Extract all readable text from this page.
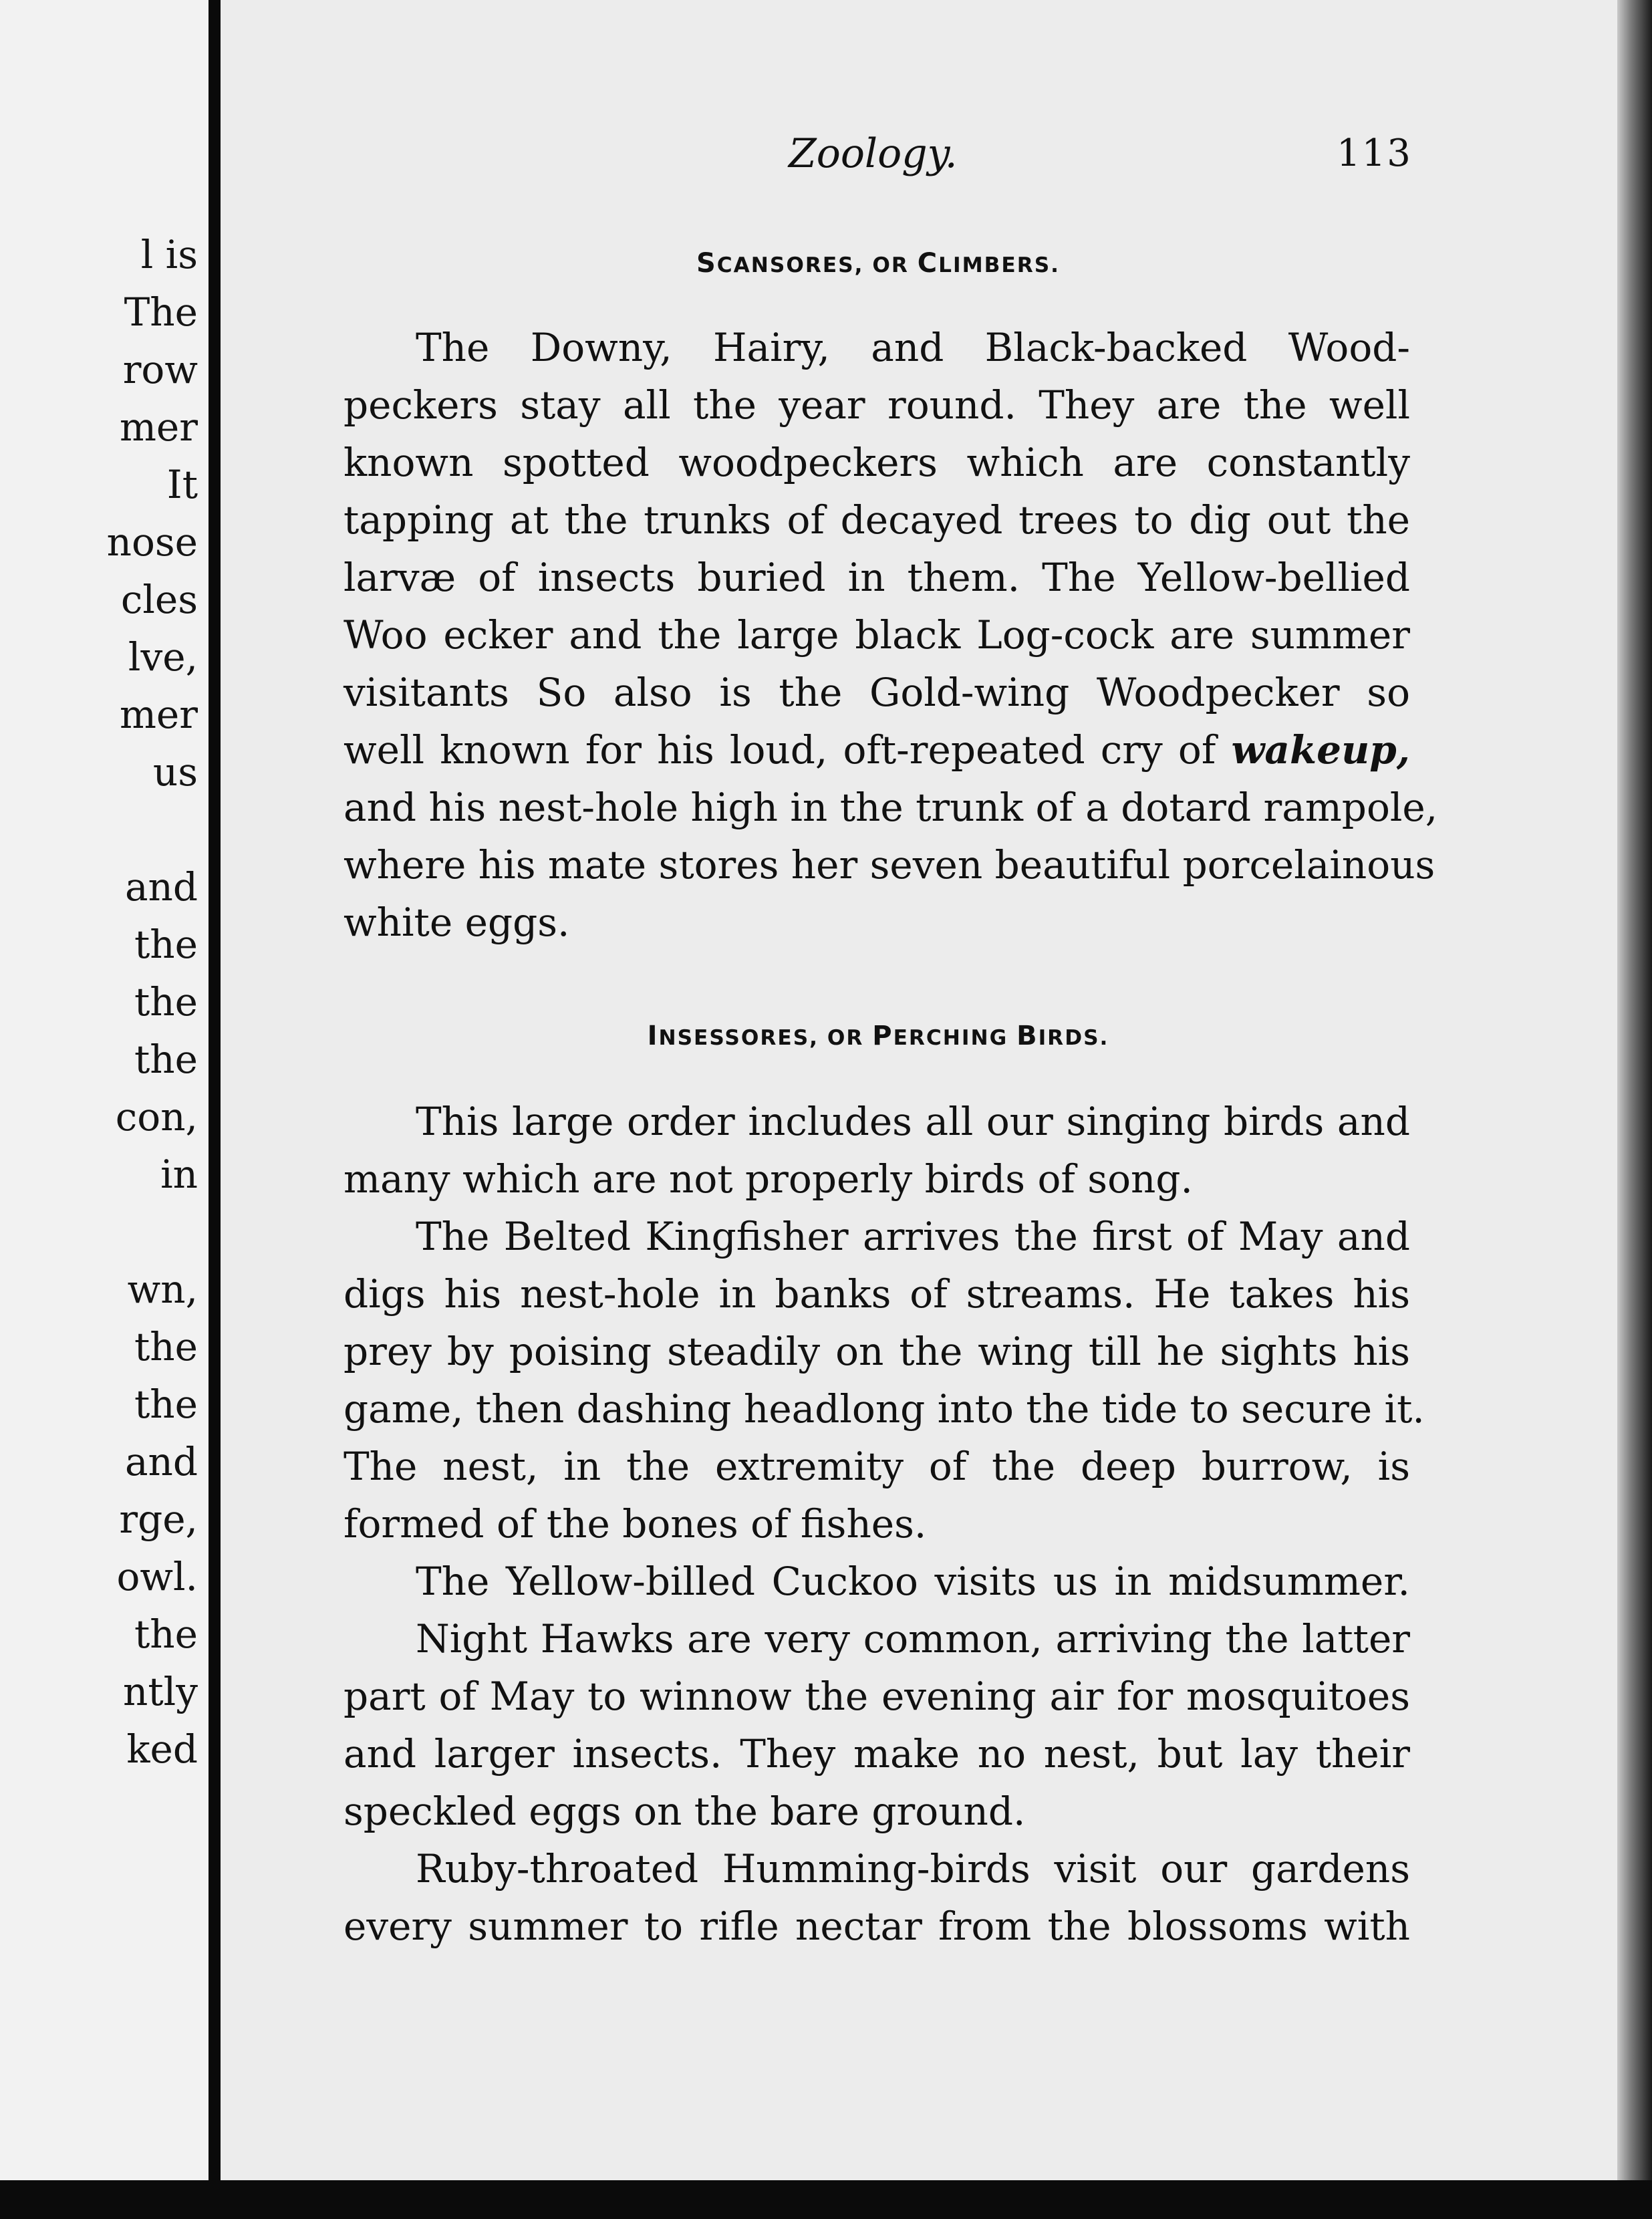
l is
The
row
mer
It
nose
cles
lve,
mer
us
and
the
the
the
con,
in
wn,
the
the
and
rge,
owl.
the
ntly
ked
Zoology.	113
SCANSORES, OR CLIMBERS.
The Downy, Hairy, and Black-backed Wood-
peckers stay all the year round. They are the well
known spotted woodpeckers which are constantly
tapping at the trunks of decayed trees to dig out the
larvæ of insects buried in them. The Yellow-bellied
Woo⁠ ecker and the large black Log-cock are summer
visitants So also is the Gold-wing Woodpecker so
well known for his loud, oft-repeated cry of wakeup,
and his nest-hole high in the trunk of a dotard rampole,
where his mate stores her seven beautiful porcelainous
white eggs.
INSESSORES, OR PERCHING BIRDS.
This large order includes all our singing birds and
many which are not properly birds of song.
The Belted Kingfisher arrives the first of May and
digs his nest-hole in banks of streams. He takes his
prey by poising steadily on the wing till he sights his
game, then dashing headlong into the tide to secure it.
The nest, in the extremity of the deep burrow, is
formed of the bones of fishes.
The Yellow-billed Cuckoo visits us in midsummer.
Night Hawks are very common, arriving the latter
part of May to winnow the evening air for mosquitoes
and larger insects. They make no nest, but lay their
speckled eggs on the bare ground.
Ruby-throated Humming-birds visit our gardens
every summer to rifle nectar from the blossoms with
